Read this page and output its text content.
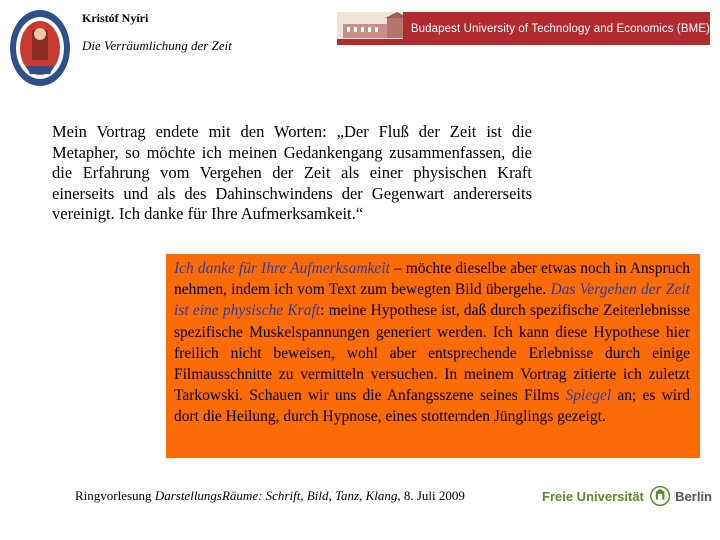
Kristóf Nyíri
Die Verräumlichung der Zeit
Budapest University of Technology and Economics (BME)

Mein Vortrag endete mit den Worten: „Der Fluß der Zeit ist die Metapher, so möchte ich meinen Gedankengang zusammenfassen, die die Erfahrung vom Vergehen der Zeit als einer physischen Kraft einerseits und als des Dahinschwindens der Gegenwart andererseits vereinigt. Ich danke für Ihre Aufmerksamkeit.“

Ich danke für Ihre Aufmerksamkeit – möchte dieselbe aber etwas noch in Anspruch nehmen, indem ich vom Text zum bewegten Bild übergehe. Das Vergehen der Zeit ist eine physische Kraft: meine Hypothese ist, daß durch spezifische Zeiterlebnisse spezifische Muskelspannungen generiert werden. Ich kann diese Hypothese hier freilich nicht beweisen, wohl aber entsprechende Erlebnisse durch einige Filmausschnitte zu vermitteln versuchen. In meinem Vortrag zitierte ich zuletzt Tarkowski. Schauen wir uns die Anfangsszene seines Films Spiegel an; es wird dort die Heilung, durch Hypnose, eines stotternden Jünglings gezeigt.
Ringvorlesung DarstellungsRäume: Schrift, Bild, Tanz, Klang, 8. Juli 2009	Freie Universität Berlin
